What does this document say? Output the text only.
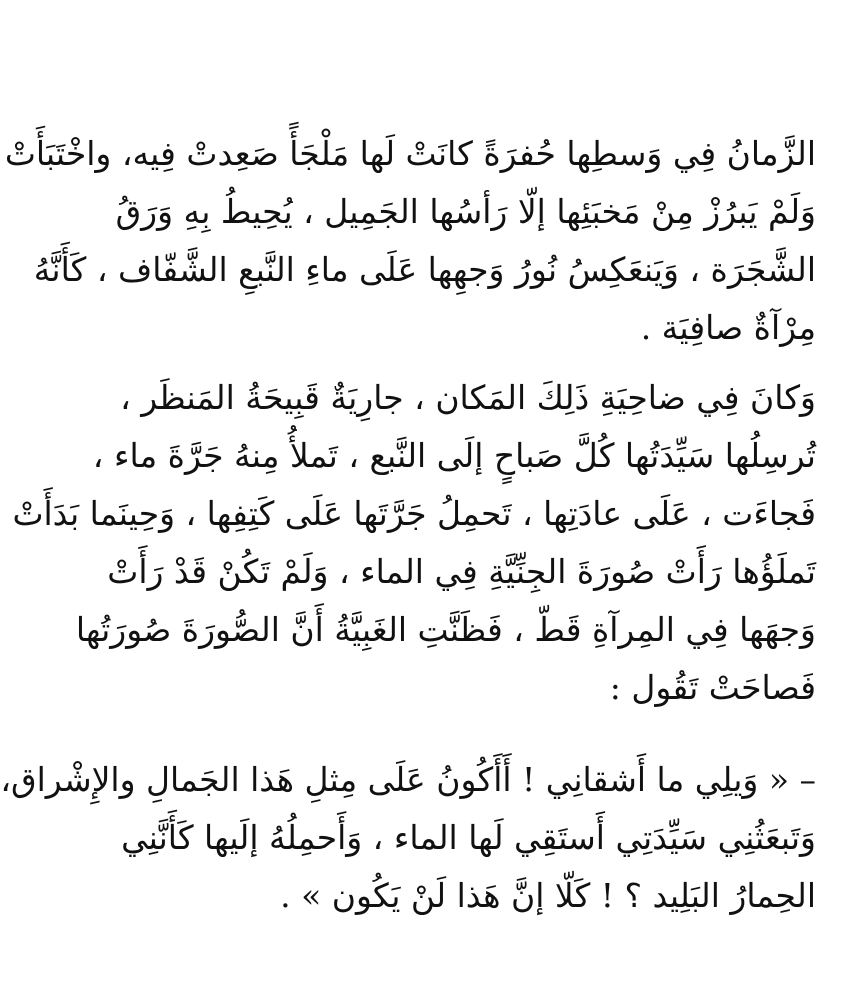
الزَّمانُ فِي وَسطِها حُفرَةً كانَتْ لَها مَلْجَأً صَعِدتْ فِيه، واخْتَبَأَتْ
وَلَمْ يَبرُزْ مِنْ مَخبَئِها إلّا رَأسُها الجَمِيل ، يُحِيطُ بِهِ وَرَقُ
الشَّجَرَة ، وَيَنعَكِسُ نُورُ وَجهِها عَلَى ماءِ النَّبعِ الشَّفّاف ، كَأَنَّهُ
مِرْآةٌ صافِيَة .
وَكانَ فِي ضاحِيَةِ ذَلِكَ المَكان ، جارِيَةٌ قَبِيحَةُ المَنظَر ،
تُرسِلُها سَيِّدَتُها كُلَّ صَباحٍ إلَى النَّبع ، تَملأُ مِنهُ جَرَّةَ ماء ،
فَجاءَت ، عَلَى عادَتِها ، تَحمِلُ جَرَّتَها عَلَى كَتِفِها ، وَحِينَما بَدَأَتْ
تَملَؤُها رَأَتْ صُورَةَ الجِنِّيَّةِ فِي الماء ، وَلَمْ تَكُنْ قَدْ رَأَتْ
وَجهَها فِي المِرآةِ قَطّ ، فَظَنَّتِ الغَبِيَّةُ أَنَّ الصُّورَةَ صُورَتُها
فَصاحَتْ تَقُول :
– « وَيلِي ما أَشقانِي ! أَأَكُونُ عَلَى مِثلِ هَذا الجَمالِ والإِشْراق،
وَتَبعَثُنِي سَيِّدَتِي أَستَقِي لَها الماء ، وَأَحمِلُهُ إلَيها كَأَنَّنِي
الحِمارُ البَلِيد ؟ ! كَلّا إنَّ هَذا لَنْ يَكُون » .
